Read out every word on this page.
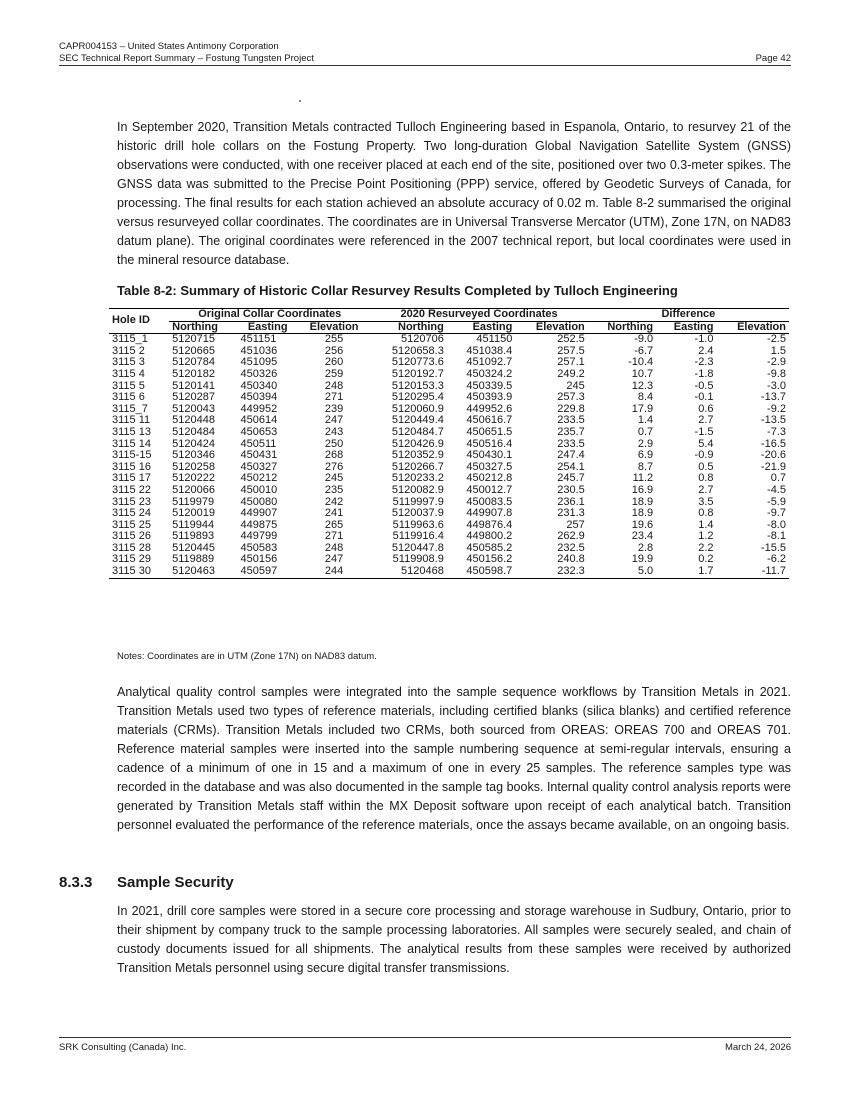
CAPR004153 – United States Antimony Corporation
SEC Technical Report Summary – Fostung Tungsten Project	Page 42
In September 2020, Transition Metals contracted Tulloch Engineering based in Espanola, Ontario, to resurvey 21 of the historic drill hole collars on the Fostung Property. Two long-duration Global Navigation Satellite System (GNSS) observations were conducted, with one receiver placed at each end of the site, positioned over two 0.3-meter spikes. The GNSS data was submitted to the Precise Point Positioning (PPP) service, offered by Geodetic Surveys of Canada, for processing. The final results for each station achieved an absolute accuracy of 0.02 m. Table 8-2 summarised the original versus resurveyed collar coordinates. The coordinates are in Universal Transverse Mercator (UTM), Zone 17N, on NAD83 datum plane). The original coordinates were referenced in the 2007 technical report, but local coordinates were used in the mineral resource database.
Table 8-2: Summary of Historic Collar Resurvey Results Completed by Tulloch Engineering
Hole ID	Original Collar Coordinates			2020 Resurveyed Coordinates			Difference		
	Northing	Easting	Elevation	Northing	Easting	Elevation	Northing	Easting	Elevation
3115_1	5120715	451151	255	5120706	451150	252.5	-9.0	-1.0	-2.5
3115 2	5120665	451036	256	5120658.3	451038.4	257.5	-6.7	2.4	1.5
3115 3	5120784	451095	260	5120773.6	451092.7	257.1	-10.4	-2.3	-2.9
3115 4	5120182	450326	259	5120192.7	450324.2	249.2	10.7	-1.8	-9.8
3115 5	5120141	450340	248	5120153.3	450339.5	245	12.3	-0.5	-3.0
3115 6	5120287	450394	271	5120295.4	450393.9	257.3	8.4	-0.1	-13.7
3115_7	5120043	449952	239	5120060.9	449952.6	229.8	17.9	0.6	-9.2
3115 11	5120448	450614	247	5120449.4	450616.7	233.5	1.4	2.7	-13.5
3115 13	5120484	450653	243	5120484.7	450651.5	235.7	0.7	-1.5	-7.3
3115 14	5120424	450511	250	5120426.9	450516.4	233.5	2.9	5.4	-16.5
3115-15	5120346	450431	268	5120352.9	450430.1	247.4	6.9	-0.9	-20.6
3115 16	5120258	450327	276	5120266.7	450327.5	254.1	8.7	0.5	-21.9
3115 17	5120222	450212	245	5120233.2	450212.8	245.7	11.2	0.8	0.7
3115 22	5120066	450010	235	5120082.9	450012.7	230.5	16.9	2.7	-4.5
3115 23	5119979	450080	242	5119997.9	450083.5	236.1	18.9	3.5	-5.9
3115 24	5120019	449907	241	5120037.9	449907.8	231.3	18.9	0.8	-9.7
3115 25	5119944	449875	265	5119963.6	449876.4	257	19.6	1.4	-8.0
3115 26	5119893	449799	271	5119916.4	449800.2	262.9	23.4	1.2	-8.1
3115 28	5120445	450583	248	5120447.8	450585.2	232.5	2.8	2.2	-15.5
3115 29	5119889	450156	247	5119908.9	450156.2	240.8	19.9	0.2	-6.2
3115 30	5120463	450597	244	5120468	450598.7	232.3	5.0	1.7	-11.7
Notes: Coordinates are in UTM (Zone 17N) on NAD83 datum.
Analytical quality control samples were integrated into the sample sequence workflows by Transition Metals in 2021. Transition Metals used two types of reference materials, including certified blanks (silica blanks) and certified reference materials (CRMs). Transition Metals included two CRMs, both sourced from OREAS: OREAS 700 and OREAS 701. Reference material samples were inserted into the sample numbering sequence at semi-regular intervals, ensuring a cadence of a minimum of one in 15 and a maximum of one in every 25 samples. The reference samples type was recorded in the database and was also documented in the sample tag books. Internal quality control analysis reports were generated by Transition Metals staff within the MX Deposit software upon receipt of each analytical batch. Transition personnel evaluated the performance of the reference materials, once the assays became available, on an ongoing basis.
8.3.3 Sample Security
In 2021, drill core samples were stored in a secure core processing and storage warehouse in Sudbury, Ontario, prior to their shipment by company truck to the sample processing laboratories. All samples were securely sealed, and chain of custody documents issued for all shipments. The analytical results from these samples were received by authorized Transition Metals personnel using secure digital transfer transmissions.
SRK Consulting (Canada) Inc.	March 24, 2026
